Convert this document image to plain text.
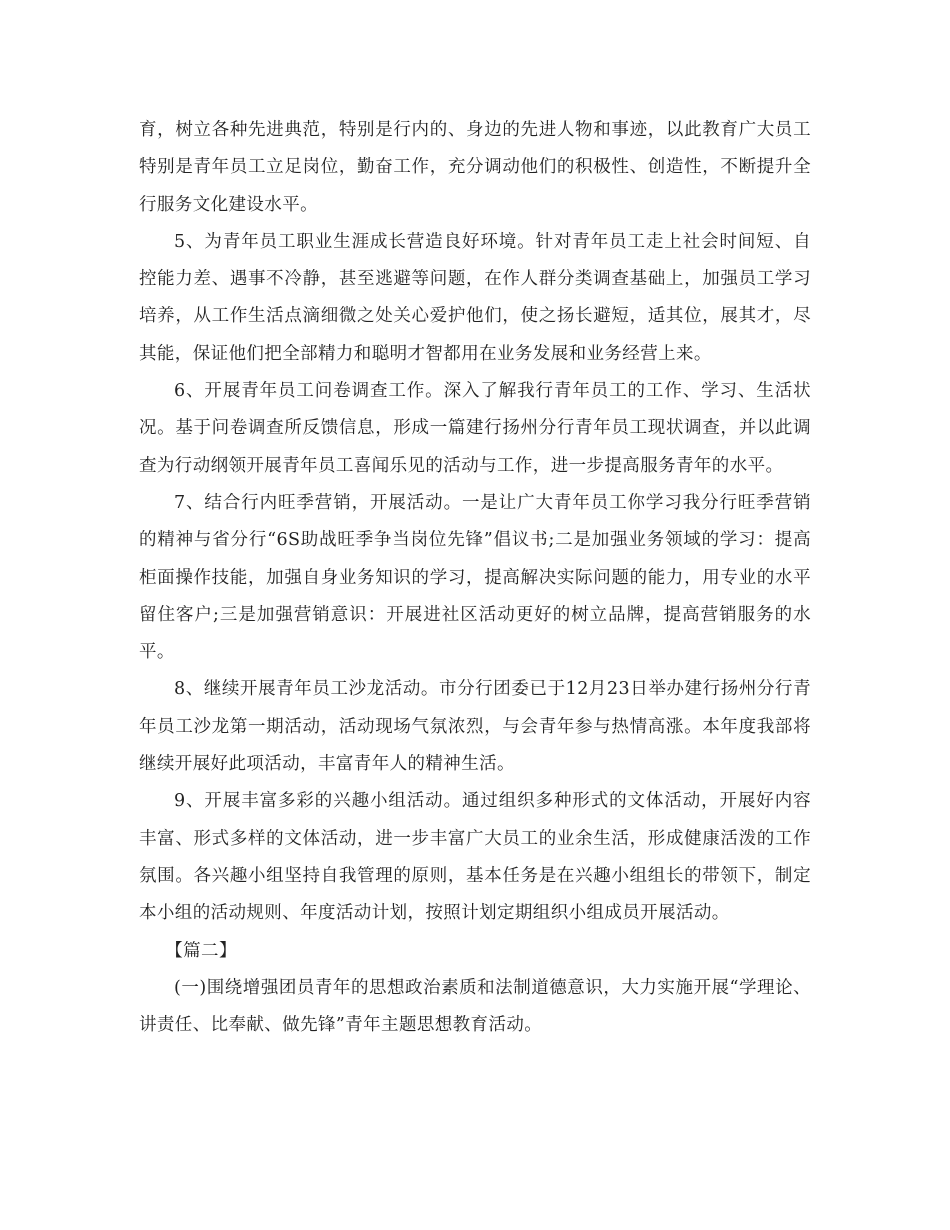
育，树立各种先进典范，特别是行内的、身边的先进人物和事迹，以此教育广大员工特别是青年员工立足岗位，勤奋工作，充分调动他们的积极性、创造性，不断提升全行服务文化建设水平。

5、为青年员工职业生涯成长营造良好环境。针对青年员工走上社会时间短、自控能力差、遇事不冷静，甚至逃避等问题，在作人群分类调查基础上，加强员工学习培养，从工作生活点滴细微之处关心爱护他们，使之扬长避短，适其位，展其才，尽其能，保证他们把全部精力和聪明才智都用在业务发展和业务经营上来。

6、开展青年员工问卷调查工作。深入了解我行青年员工的工作、学习、生活状况。基于问卷调查所反馈信息，形成一篇建行扬州分行青年员工现状调查，并以此调查为行动纲领开展青年员工喜闻乐见的活动与工作，进一步提高服务青年的水平。

7、结合行内旺季营销，开展活动。一是让广大青年员工你学习我分行旺季营销的精神与省分行“6S助战旺季争当岗位先锋”倡议书;二是加强业务领域的学习：提高柜面操作技能，加强自身业务知识的学习，提高解决实际问题的能力，用专业的水平留住客户;三是加强营销意识：开展进社区活动更好的树立品牌，提高营销服务的水平。

8、继续开展青年员工沙龙活动。市分行团委已于12月23日举办建行扬州分行青年员工沙龙第一期活动，活动现场气氛浓烈，与会青年参与热情高涨。本年度我部将继续开展好此项活动，丰富青年人的精神生活。

9、开展丰富多彩的兴趣小组活动。通过组织多种形式的文体活动，开展好内容丰富、形式多样的文体活动，进一步丰富广大员工的业余生活，形成健康活泼的工作氛围。各兴趣小组坚持自我管理的原则，基本任务是在兴趣小组组长的带领下，制定本小组的活动规则、年度活动计划，按照计划定期组织小组成员开展活动。

【篇二】

(一)围绕增强团员青年的思想政治素质和法制道德意识，大力实施开展“学理论、讲责任、比奉献、做先锋”青年主题思想教育活动。
